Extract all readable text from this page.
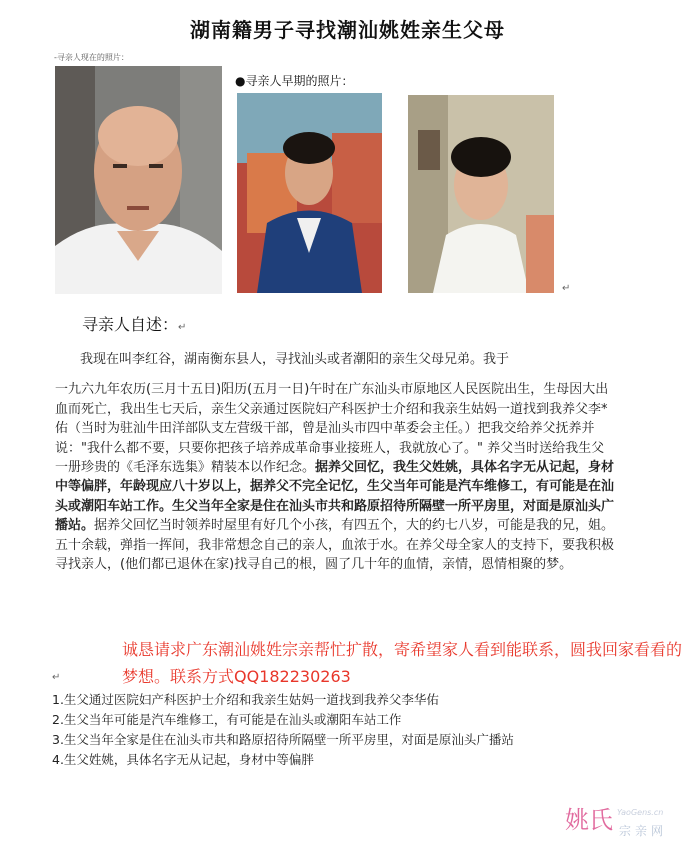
湖南籍男子寻找潮汕姚姓亲生父母
-寻亲人现在的照片：
●寻亲人早期的照片：
↵
寻亲人自述：↵

我现在叫李红谷，湖南衡东县人，寻找汕头或者潮阳的亲生父母兄弟。我于

一九六九年农历(三月十五日)阳历(五月一日)午时在广东汕头市原地区人民医院出生，生母因大出血而死亡，我出生七天后，亲生父亲通过医院妇产科医护士介绍和我亲生姑妈一道找到我养父李*佑（当时为驻汕牛田洋部队支左营级干部，曾是汕头市四中革委会主任。）把我交给养父抚养并说："我什么都不要，只要你把孩子培养成革命事业接班人，我就放心了。" 养父当时送给我生父一册珍贵的《毛泽东选集》精装本以作纪念。据养父回忆，我生父姓姚，具体名字无从记起，身材中等偏胖，年龄现应八十岁以上，据养父不完全记忆，生父当年可能是汽车维修工，有可能是在汕头或潮阳车站工作。生父当年全家是住在汕头市共和路原招待所隔壁一所平房里，对面是原汕头广播站。据养父回忆当时领养时屋里有好几个小孩，有四五个，大的约七八岁，可能是我的兄，姐。五十余载，弹指一挥间，我非常想念自己的亲人，血浓于水。在养父母全家人的支持下，要我积极寻找亲人，(他们都已退休在家)找寻自己的根，圆了几十年的血情，亲情，恩情相聚的梦。

诚恳请求广东潮汕姚姓宗亲帮忙扩散，寄希望家人看到能联系，圆我回家看看的梦想。联系方式QQ182230263
↵

1.生父通过医院妇产科医护士介绍和我亲生姑妈一道找到我养父李华佑

2.生父当年可能是汽车维修工，有可能是在汕头或潮阳车站工作

3.生父当年全家是住在汕头市共和路原招待所隔壁一所平房里，对面是原汕头广播站

4.生父姓姚，具体名字无从记起，身材中等偏胖

姚氏 YaoGens.cn
宗亲网
